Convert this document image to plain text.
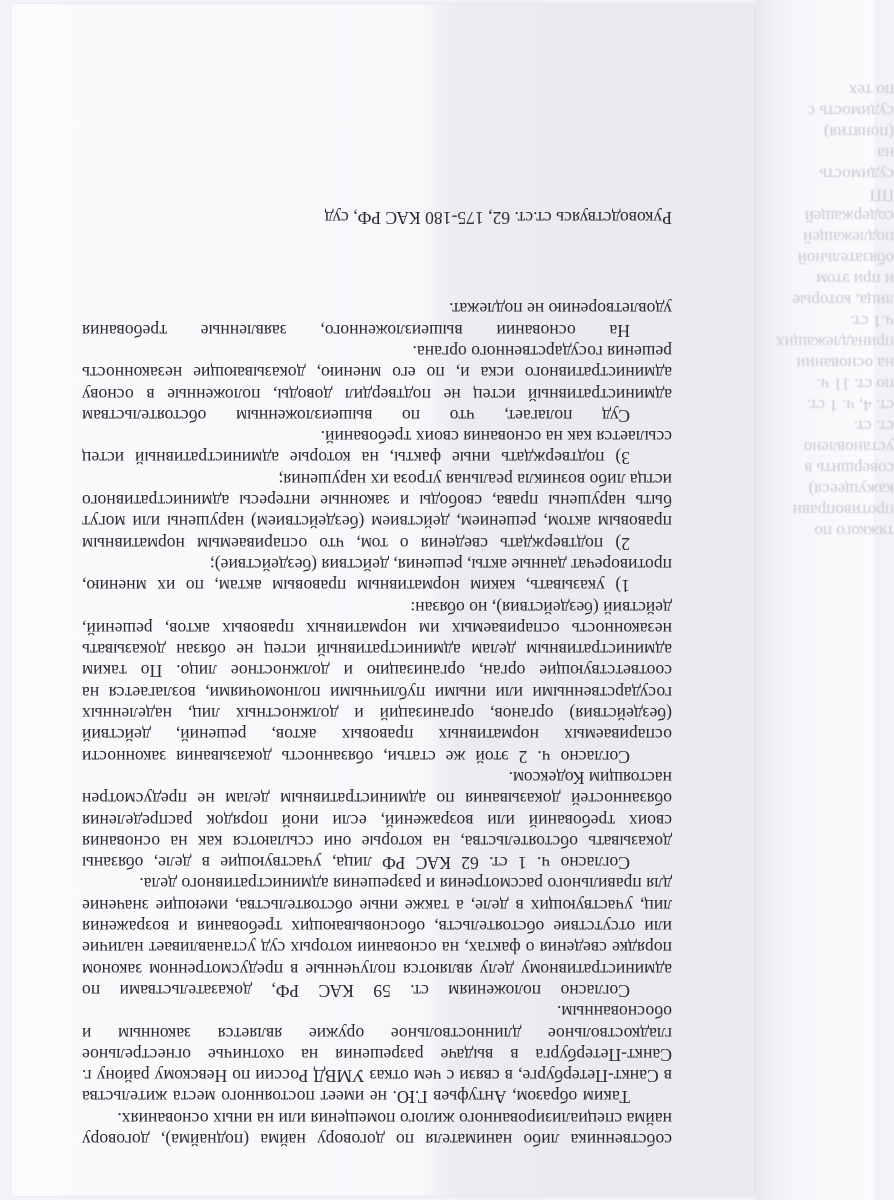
собственника либо нанимателя по договору найма (поднайма), договору найма специализированного жилого помещения или на иных основаниях.

Таким образом, Антуфьев Г.Ю. не имеет постоянного места жительства в Санкт-Петербурге, в связи с чем отказ УМВД России по Невскому району г. Санкт-Петербурга в выдаче разрешения на охотничье огнестрельное гладкоствольное длинноствольное оружие является законным и обоснованным.

Согласно положениям ст. 59 КАС РФ, доказательствами по административному делу являются полученные в предусмотренном законом порядке сведения о фактах, на основании которых суд устанавливает наличие или отсутствие обстоятельств, обосновывающих требования и возражения лиц, участвующих в деле, а также иные обстоятельства, имеющие значение для правильного рассмотрения и разрешения административного дела.

Согласно ч. 1 ст. 62 КАС РФ лица, участвующие в деле, обязаны доказывать обстоятельства, на которые они ссылаются как на основания своих требований или возражений, если иной порядок распределения обязанностей доказывания по административным делам не предусмотрен настоящим Кодексом.

Согласно ч. 2 этой же статьи, обязанность доказывания законности оспариваемых нормативных правовых актов, решений, действий (бездействия) органов, организаций и должностных лиц, наделенных государственными или иными публичными полномочиями, возлагается на соответствующие орган, организацию и должностное лицо. По таким административным делам административный истец не обязан доказывать незаконность оспариваемых им нормативных правовых актов, решений, действий (бездействия), но обязан:

1) указывать, каким нормативным правовым актам, по их мнению, противоречат данные акты, решения, действия (бездействие);

2) подтверждать сведения о том, что оспариваемым нормативным правовым актом, решением, действием (бездействием) нарушены или могут быть нарушены права, свободы и законные интересы административного истца либо возникла реальная угроза их нарушения;

3) подтверждать иные факты, на которые административный истец ссылается как на основания своих требований.

Суд полагает, что по вышеизложенным обстоятельствам административный истец не подтвердил доводы, положенные в основу административного иска и, по его мнению, доказывающие незаконность решения государственного органа.

На основании вышеизложенного, заявленные требования удовлетворению не подлежат.

Руководствуясь ст.ст. 62, 175-180 КАС РФ, суд

тяжкого по
противоправн
кажущееся)
совершить в
установлено
ст. ст.
ст. 4, ч. 1 ст.
по ст. 11 ч.
на основании
принадлежащих
ч.1 ст.
лица, которые
и при этом
обязательной
подлежащей
содержащей
ПП
судимость
на
(понятия)
судимость с
по тех
